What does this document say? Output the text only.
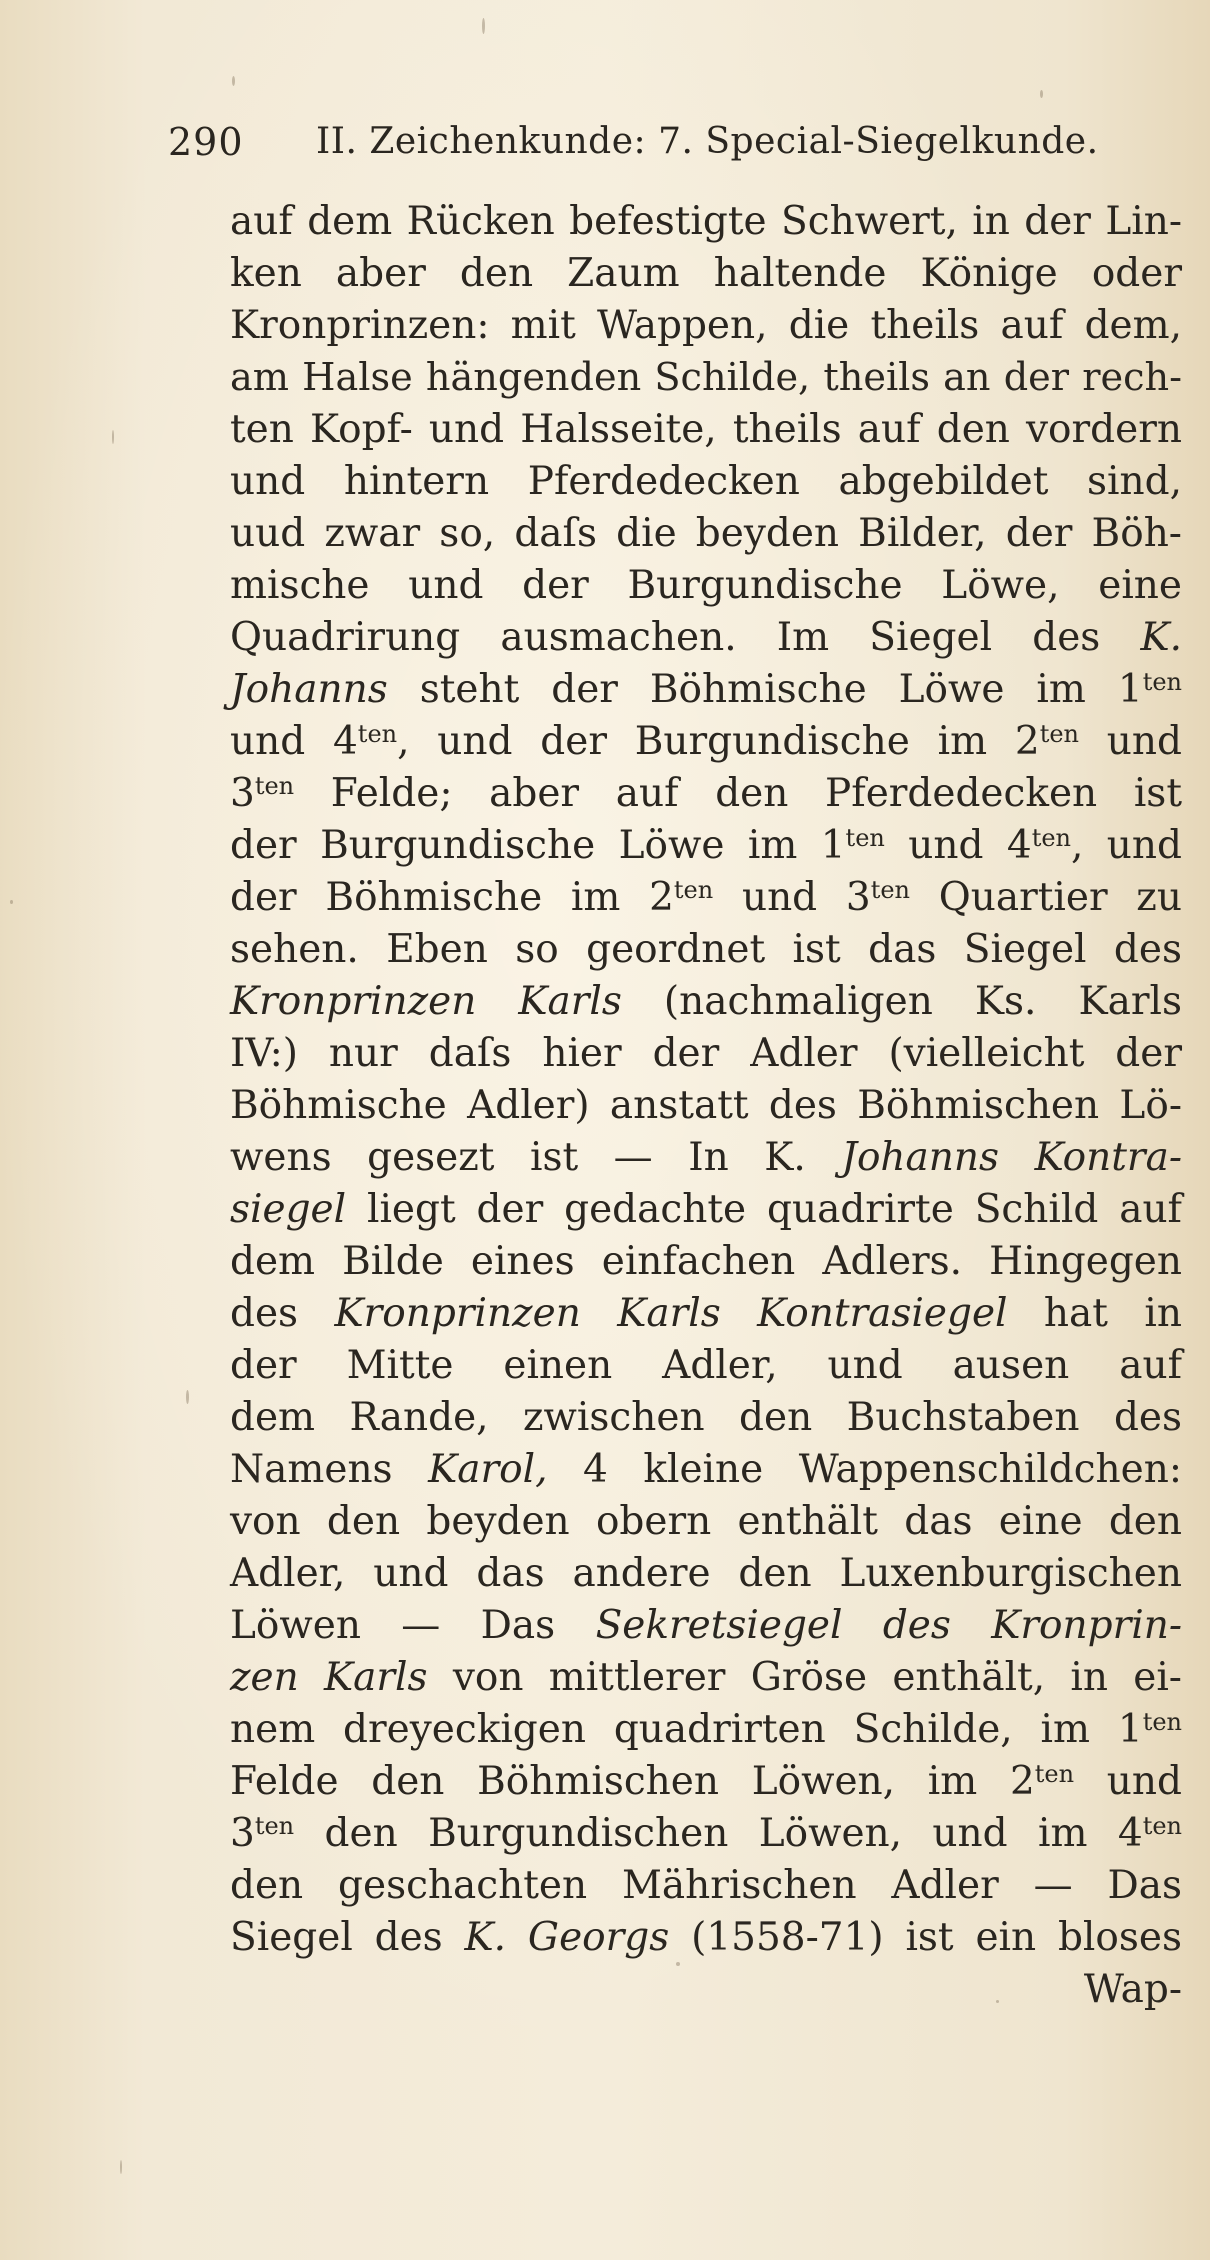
290 II. Zeichenkunde: 7. Special-Siegelkunde.
auf dem Rücken befestigte Schwert, in der Lin-
ken aber den Zaum haltende Könige oder
Kronprinzen: mit Wappen, die theils auf dem,
am Halse hängenden Schilde, theils an der rech-
ten Kopf- und Halsseite, theils auf den vordern
und hintern Pferdedecken abgebildet sind,
uud zwar so, daſs die beyden Bilder, der Böh-
mische und der Burgundische Löwe, eine
Quadrirung ausmachen. Im Siegel des K.
Johanns steht der Böhmische Löwe im $1^{ten}$
und $4^{ten}$, und der Burgundische im $2^{ten}$ und
$3^{ten}$ Felde; aber auf den Pferdedecken ist
der Burgundische Löwe im $1^{ten}$ und $4^{ten}$, und
der Böhmische im $2^{ten}$ und $3^{ten}$ Quartier zu
sehen. Eben so geordnet ist das Siegel des
Kronprinzen Karls (nachmaligen Ks. Karls
IV:) nur daſs hier der Adler (vielleicht der
Böhmische Adler) anstatt des Böhmischen Lö-
wens gesezt ist — In K. Johanns Kontra-
siegel liegt der gedachte quadrirte Schild auf
dem Bilde eines einfachen Adlers. Hingegen
des Kronprinzen Karls Kontrasiegel hat in
der Mitte einen Adler, und ausen auf
dem Rande, zwischen den Buchstaben des
Namens Karol, 4 kleine Wappenschildchen:
von den beyden obern enthält das eine den
Adler, und das andere den Luxenburgischen
Löwen — Das Sekretsiegel des Kronprin-
zen Karls von mittlerer Gröse enthält, in ei-
nem dreyeckigen quadrirten Schilde, im $1^{ten}$
Felde den Böhmischen Löwen, im $2^{ten}$ und
$3^{ten}$ den Burgundischen Löwen, und im $4^{ten}$
den geschachten Mährischen Adler — Das
Siegel des K. Georgs (1558-71) ist ein bloses
Wap-
